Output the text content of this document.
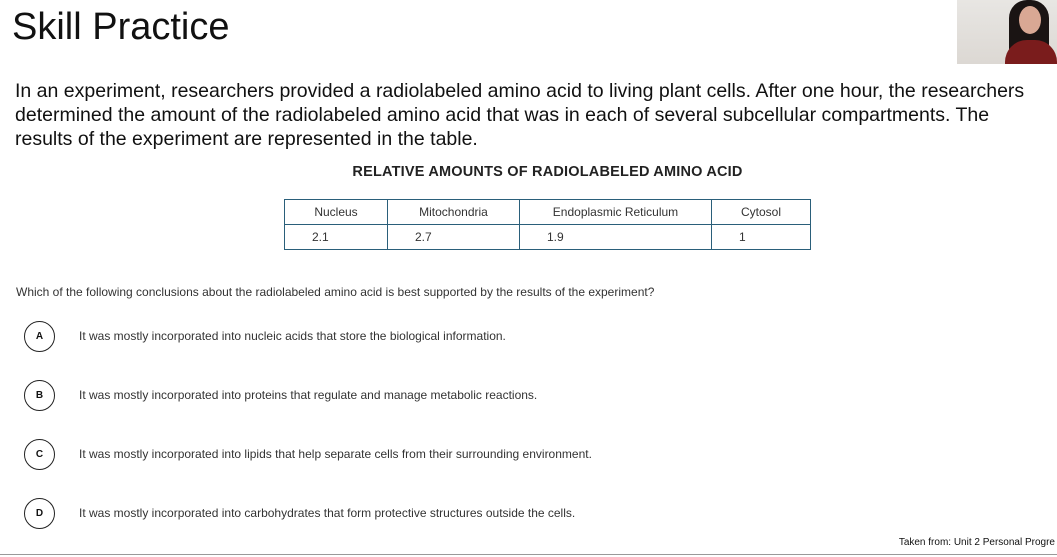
Skill Practice

In an experiment, researchers provided a radiolabeled amino acid to living plant cells. After one hour, the researchers determined the amount of the radiolabeled amino acid that was in each of several subcellular compartments. The results of the experiment are represented in the table.

RELATIVE AMOUNTS OF RADIOLABELED AMINO ACID
Nucleus	Mitochondria	Endoplasmic Reticulum	Cytosol
2.1	2.7	1.9	1

Which of the following conclusions about the radiolabeled amino acid is best supported by the results of the experiment?

A	It was mostly incorporated into nucleic acids that store the biological information.
B	It was mostly incorporated into proteins that regulate and manage metabolic reactions.
C	It was mostly incorporated into lipids that help separate cells from their surrounding environment.
D	It was mostly incorporated into carbohydrates that form protective structures outside the cells.
Taken from: Unit 2 Personal Progre
